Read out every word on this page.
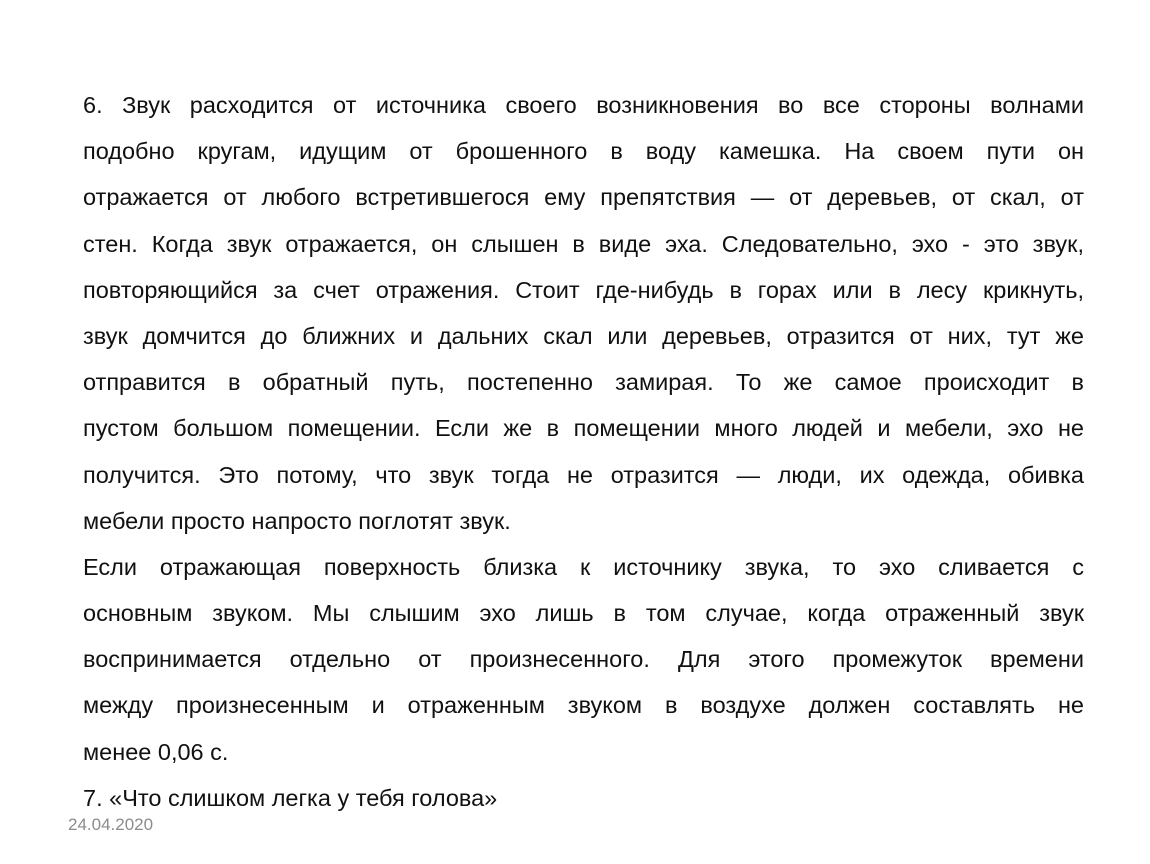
6. Звук расходится от источника своего возникновения во все стороны волнами
подобно кругам, идущим от брошенного в воду камешка. На своем пути он
отражается от любого встретившегося ему препятствия — от деревьев, от скал, от
стен. Когда звук отражается, он слышен в виде эха. Следовательно, эхо - это звук,
повторяющийся за счет отражения. Стоит где-нибудь в горах или в лесу крикнуть,
звук домчится до ближних и дальних скал или деревьев, отразится от них, тут же
отправится в обратный путь, постепенно замирая. То же самое происходит в
пустом большом помещении. Если же в помещении много людей и мебели, эхо не
получится. Это потому, что звук тогда не отразится — люди, их одежда, обивка
мебели просто напросто поглотят звук.
Если отражающая поверхность близка к источнику звука, то эхо сливается с
основным звуком. Мы слышим эхо лишь в том случае, когда отраженный звук
воспринимается отдельно от произнесенного. Для этого промежуток времени
между произнесенным и отраженным звуком в воздухе должен составлять не
менее 0,06 с.
7. «Что слишком легка у тебя голова»
24.04.2020
